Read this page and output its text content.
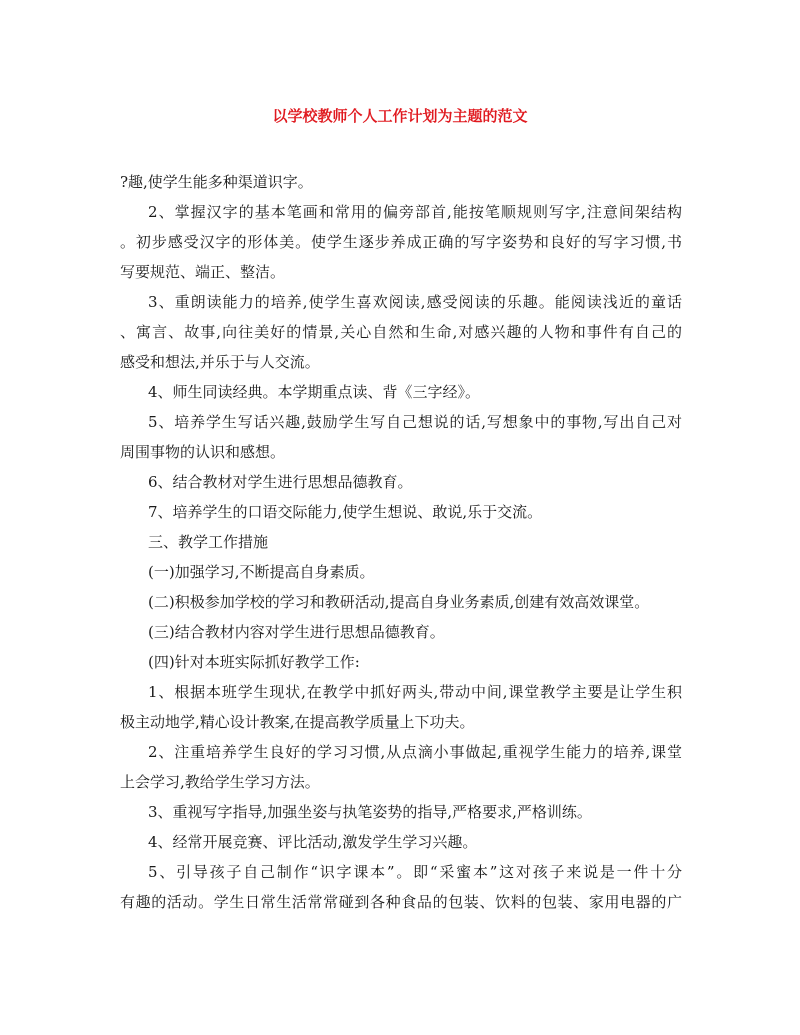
以学校教师个人工作计划为主题的范文

?趣,使学生能多种渠道识字。

2、掌握汉字的基本笔画和常用的偏旁部首,能按笔顺规则写字,注意间架结构

。初步感受汉字的形体美。使学生逐步养成正确的写字姿势和良好的写字习惯,书

写要规范、端正、整洁。

3、重朗读能力的培养,使学生喜欢阅读,感受阅读的乐趣。能阅读浅近的童话

、寓言、故事,向往美好的情景,关心自然和生命,对感兴趣的人物和事件有自己的

感受和想法,并乐于与人交流。

4、师生同读经典。本学期重点读、背《三字经》。

5、培养学生写话兴趣,鼓励学生写自己想说的话,写想象中的事物,写出自己对

周围事物的认识和感想。

6、结合教材对学生进行思想品德教育。

7、培养学生的口语交际能力,使学生想说、敢说,乐于交流。

三、教学工作措施

(一)加强学习,不断提高自身素质。

(二)积极参加学校的学习和教研活动,提高自身业务素质,创建有效高效课堂。

(三)结合教材内容对学生进行思想品德教育。

(四)针对本班实际抓好教学工作:

1、根据本班学生现状,在教学中抓好两头,带动中间,课堂教学主要是让学生积

极主动地学,精心设计教案,在提高教学质量上下功夫。

2、注重培养学生良好的学习习惯,从点滴小事做起,重视学生能力的培养,课堂

上会学习,教给学生学习方法。

3、重视写字指导,加强坐姿与执笔姿势的指导,严格要求,严格训练。

4、经常开展竞赛、评比活动,激发学生学习兴趣。

5、引导孩子自己制作“识字课本”。即“采蜜本”这对孩子来说是一件十分

有趣的活动。学生日常生活常常碰到各种食品的包装、饮料的包装、家用电器的广
